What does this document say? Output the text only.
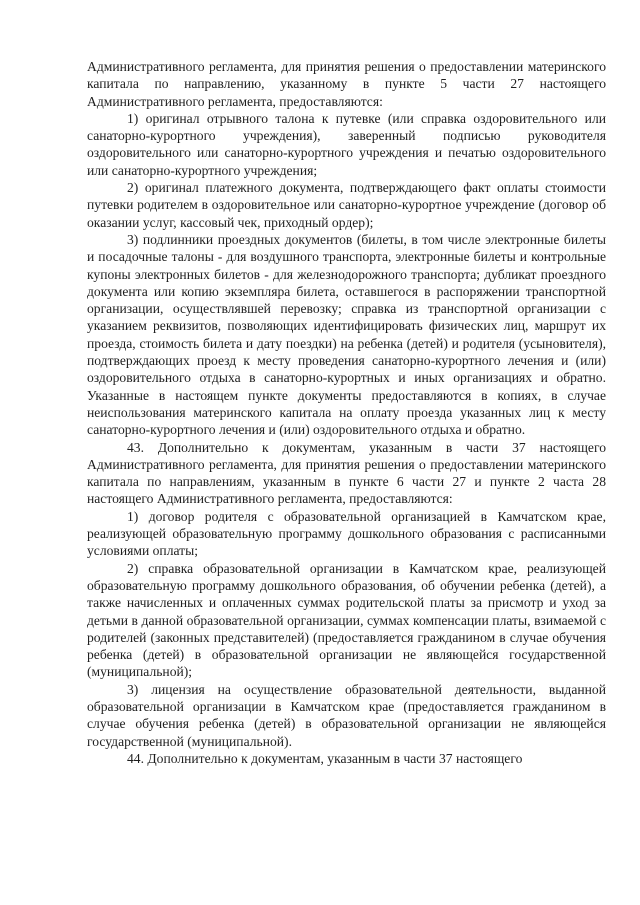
Административного регламента, для принятия решения о предоставлении материнского капитала по направлению, указанному в пункте 5 части 27 настоящего Административного регламента, предоставляются:

1) оригинал отрывного талона к путевке (или справка оздоровительного или санаторно-курортного учреждения), заверенный подписью руководителя оздоровительного или санаторно-курортного учреждения и печатью оздоровительного или санаторно-курортного учреждения;

2) оригинал платежного документа, подтверждающего факт оплаты стоимости путевки родителем в оздоровительное или санаторно-курортное учреждение (договор об оказании услуг, кассовый чек, приходный ордер);

3) подлинники проездных документов (билеты, в том числе электронные билеты и посадочные талоны - для воздушного транспорта, электронные билеты и контрольные купоны электронных билетов - для железнодорожного транспорта; дубликат проездного документа или копию экземпляра билета, оставшегося в распоряжении транспортной организации, осуществлявшей перевозку; справка из транспортной организации с указанием реквизитов, позволяющих идентифицировать физических лиц, маршрут их проезда, стоимость билета и дату поездки) на ребенка (детей) и родителя (усыновителя), подтверждающих проезд к месту проведения санаторно-курортного лечения и (или) оздоровительного отдыха в санаторно-курортных и иных организациях и обратно. Указанные в настоящем пункте документы предоставляются в копиях, в случае неиспользования материнского капитала на оплату проезда указанных лиц к месту санаторно-курортного лечения и (или) оздоровительного отдыха и обратно.

43. Дополнительно к документам, указанным в части 37 настоящего Административного регламента, для принятия решения о предоставлении материнского капитала по направлениям, указанным в пункте 6 части 27 и пункте 2 часта 28 настоящего Административного регламента, предоставляются:

1) договор родителя с образовательной организацией в Камчатском крае, реализующей образовательную программу дошкольного образования с расписанными условиями оплаты;

2) справка образовательной организации в Камчатском крае, реализующей образовательную программу дошкольного образования, об обучении ребенка (детей), а также начисленных и оплаченных суммах родительской платы за присмотр и уход за детьми в данной образовательной организации, суммах компенсации платы, взимаемой с родителей (законных представителей) (предоставляется гражданином в случае обучения ребенка (детей) в образовательной организации не являющейся государственной (муниципальной);

3) лицензия на осуществление образовательной деятельности, выданной образовательной организации в Камчатском крае (предоставляется гражданином в случае обучения ребенка (детей) в образовательной организации не являющейся государственной (муниципальной).

44. Дополнительно к документам, указанным в части 37 настоящего
